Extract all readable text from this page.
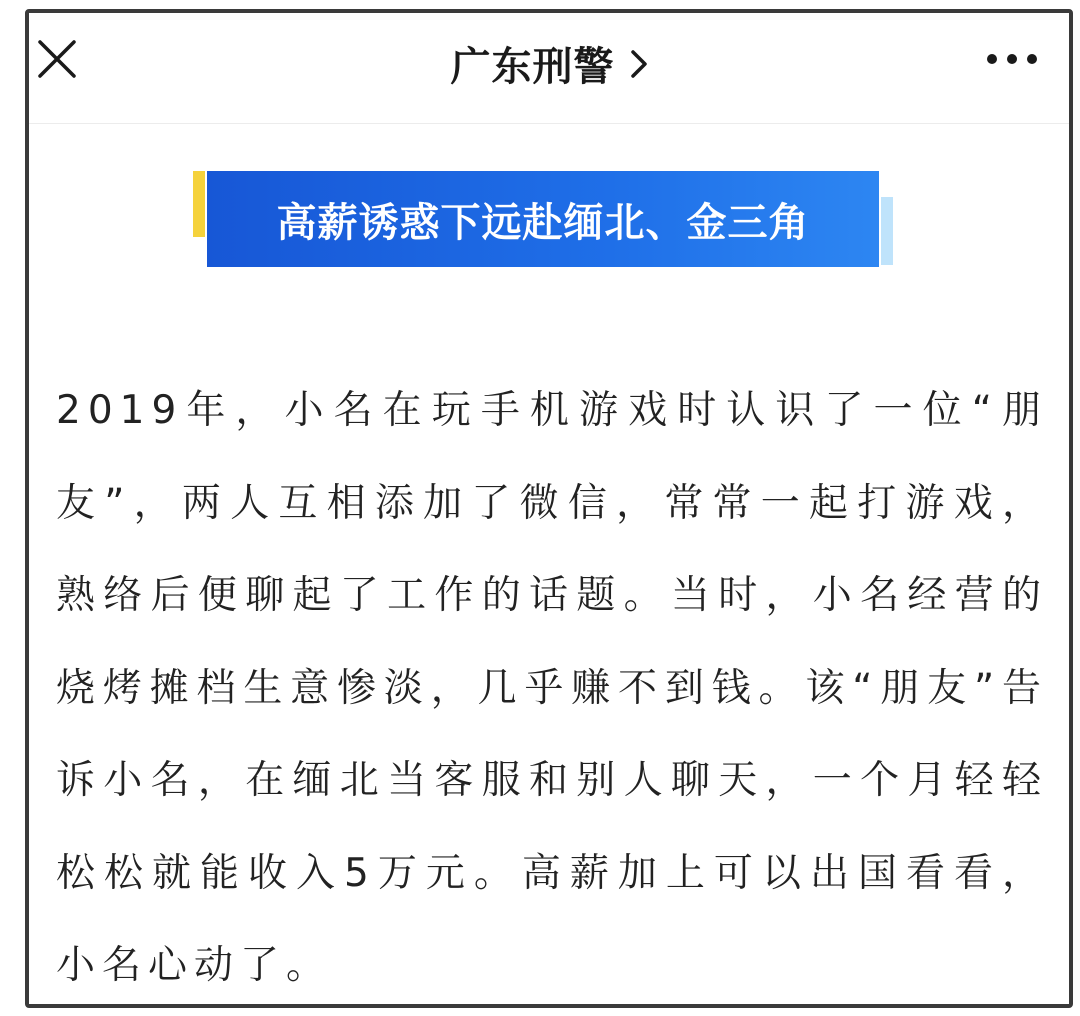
广东刑警
高薪诱惑下远赴缅北、金三角

2019年，小名在玩手机游戏时认识了一位“朋友”，两人互相添加了微信，常常一起打游戏，熟络后便聊起了工作的话题。当时，小名经营的烧烤摊档生意惨淡，几乎赚不到钱。该“朋友”告诉小名，在缅北当客服和别人聊天，一个月轻轻松松就能收入5万元。高薪加上可以出国看看，小名心动了。
